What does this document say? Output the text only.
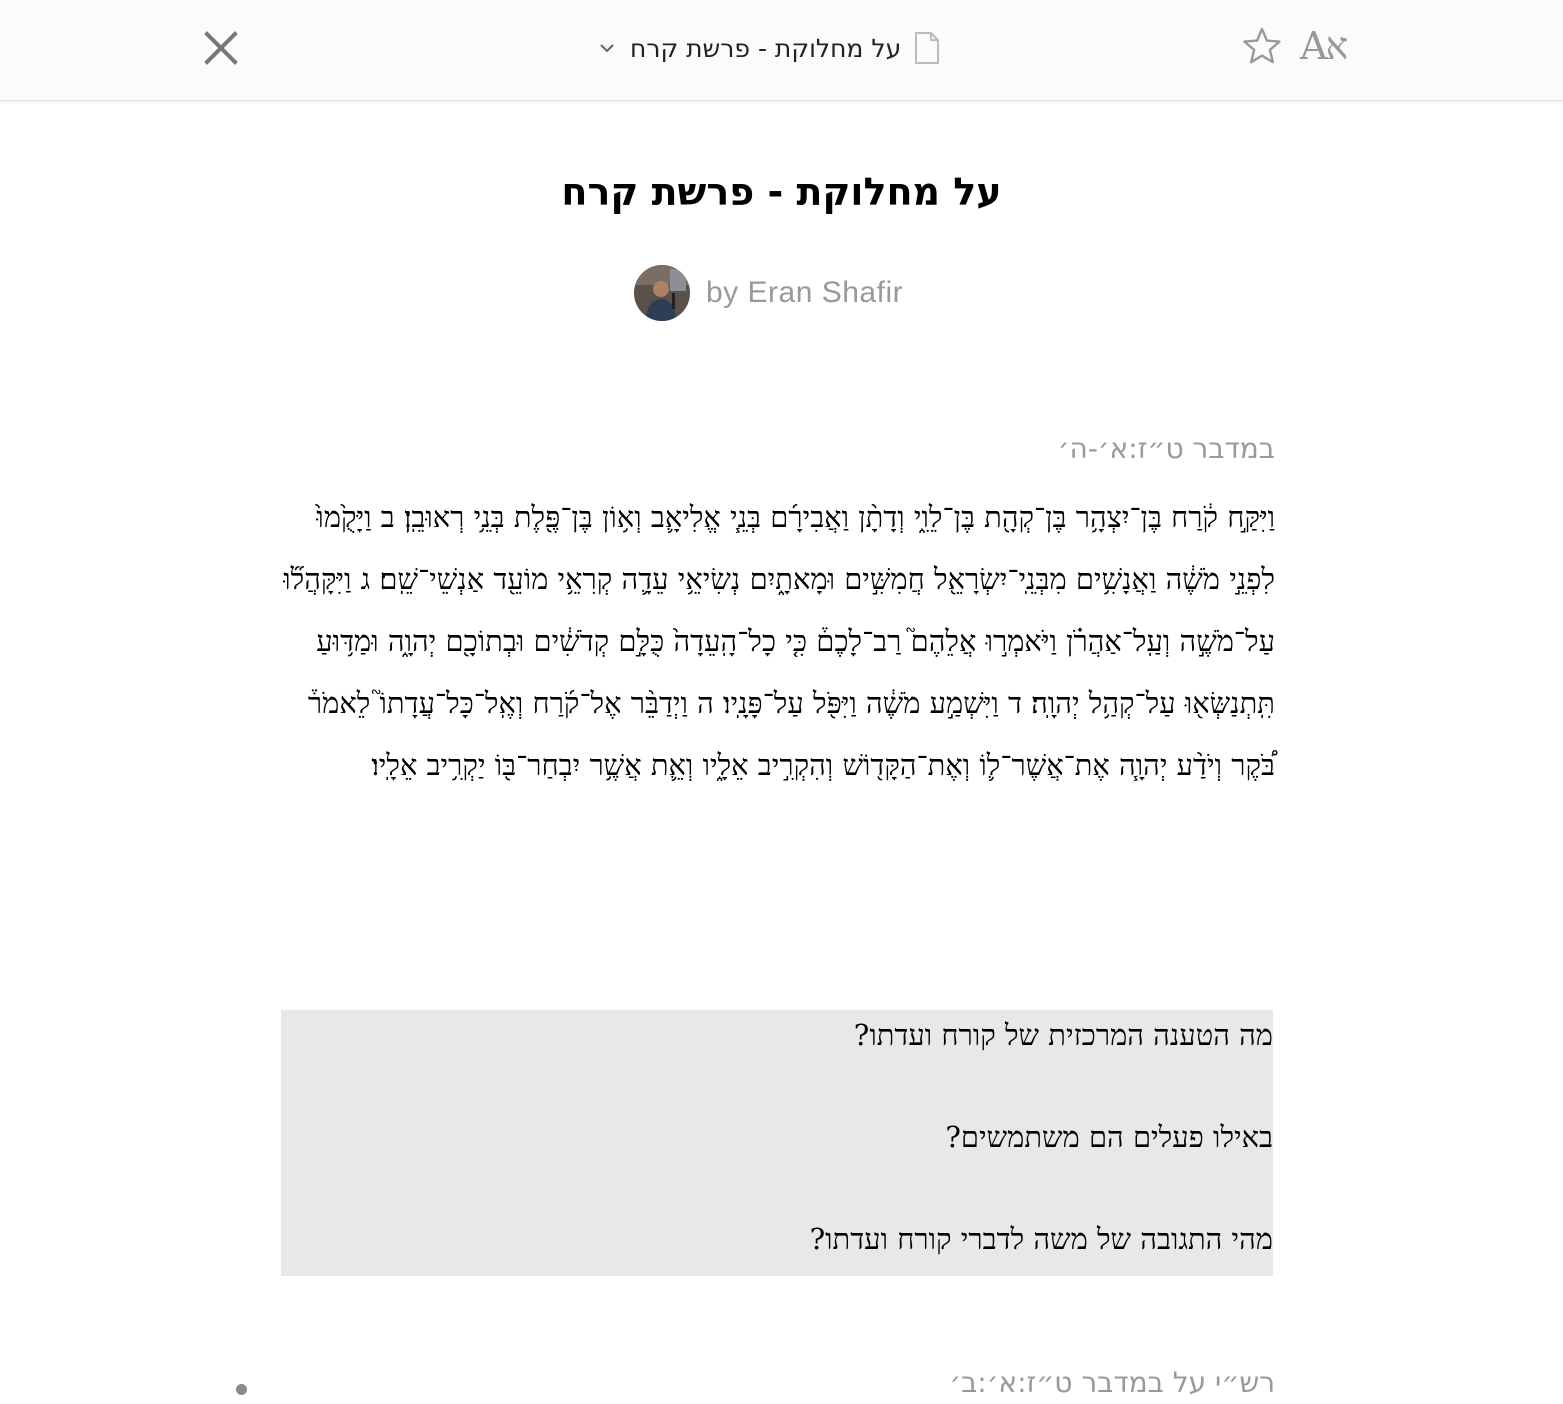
על מחלוקת - פרשת קרח	Aא
על מחלוקת - פרשת קרח
by Eran Shafir
במדבר ט״ז:א׳-ה׳
וַיִּקַּ֣ח קֹ֔רַח בֶּן־יִצְהָ֥ר בֶּן־קְהָ֖ת בֶּן־לֵוִ֑י וְדָתָ֨ן וַאֲבִירָ֜ם בְּנֵ֧י אֱלִיאָ֛ב וְא֥וֹן בֶּן־פֶּ֖לֶת בְּנֵ֥י רְאוּבֵֽן׃ ב וַיָּקֻ֙מוּ֙ לִפְנֵ֣י מֹשֶׁ֔ה וַאֲנָשִׁ֥ים מִבְּנֵֽי־יִשְׂרָאֵ֖ל חֲמִשִּׁ֣ים וּמָאתָ֑יִם נְשִׂיאֵ֥י עֵדָ֛ה קְרִאֵ֥י מוֹעֵ֖ד אַנְשֵׁי־שֵֽׁם׃ ג וַיִּקָּהֲל֞וּ עַל־מֹשֶׁ֣ה וְעַֽל־אַהֲרֹ֗ן וַיֹּאמְר֣וּ אֲלֵהֶם֮ רַב־לָכֶם֒ כִּ֤י כָל־הָֽעֵדָה֙ כֻּלָּ֣ם קְדֹשִׁ֔ים וּבְתוֹכָ֖ם יְהוָ֑ה וּמַדּ֥וּעַ תִּֽתְנַשְּׂא֖וּ עַל־קְהַ֥ל יְהוָֽה׃ ד וַיִּשְׁמַ֣ע מֹשֶׁ֔ה וַיִּפֹּ֖ל עַל־פָּנָֽיו׃ ה וַיְדַבֵּ֨ר אֶל־קֹ֜רַח וְאֶֽל־כָּל־עֲדָתוֹ֮ לֵאמֹר֒ בֹּ֠קֶר וְיֹדַ֨ע יְהוָ֧ה אֶת־אֲשֶׁר־ל֛וֹ וְאֶת־הַקָּד֖וֹשׁ וְהִקְרִ֣יב אֵלָ֑יו וְאֵ֛ת אֲשֶׁ֥ר יִבְחַר־בּ֖וֹ יַקְרִ֥יב אֵלָֽיו׃
מה הטענה המרכזית של קורח ועדתו?
באילו פעלים הם משתמשים?
מהי התגובה של משה לדברי קורח ועדתו?
רש״י על במדבר ט״ז:א׳:ב׳
